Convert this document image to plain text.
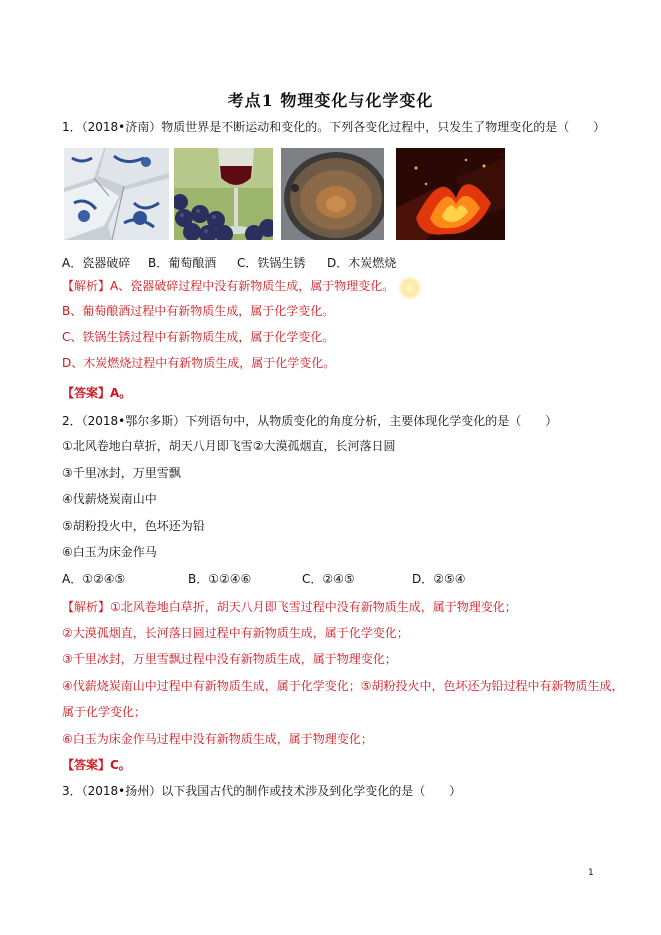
考点1 物理变化与化学变化
1．（2018•济南）物质世界是不断运动和变化的。下列各变化过程中，只发生了物理变化的是（　　）
A．瓷器破碎 B．葡萄酿酒 C．铁锅生锈 D．木炭燃烧
【解析】A、瓷器破碎过程中没有新物质生成，属于物理变化。
B、葡萄酿酒过程中有新物质生成，属于化学变化。
C、铁锅生锈过程中有新物质生成，属于化学变化。
D、木炭燃烧过程中有新物质生成，属于化学变化。
【答案】A。
2．（2018•鄂尔多斯）下列语句中，从物质变化的角度分析，主要体现化学变化的是（　　）
①北风卷地白草折，胡天八月即飞雪②大漠孤烟直，长河落日圆
③千里冰封，万里雪飘
④伐薪烧炭南山中
⑤胡粉投火中，色坏还为铅
⑥白玉为床金作马
A．①②④⑤	B．①②④⑥	C．②④⑤	D．②⑤④
【解析】①北风卷地白草折，胡天八月即飞雪过程中没有新物质生成，属于物理变化；
②大漠孤烟直，长河落日圆过程中有新物质生成，属于化学变化；
③千里冰封，万里雪飘过程中没有新物质生成，属于物理变化；
④伐薪烧炭南山中过程中有新物质生成，属于化学变化；⑤胡粉投火中，色坏还为铅过程中有新物质生成，
属于化学变化；
⑥白玉为床金作马过程中没有新物质生成，属于物理变化；
【答案】C。
3．（2018•扬州）以下我国古代的制作或技术涉及到化学变化的是（　　）
1
